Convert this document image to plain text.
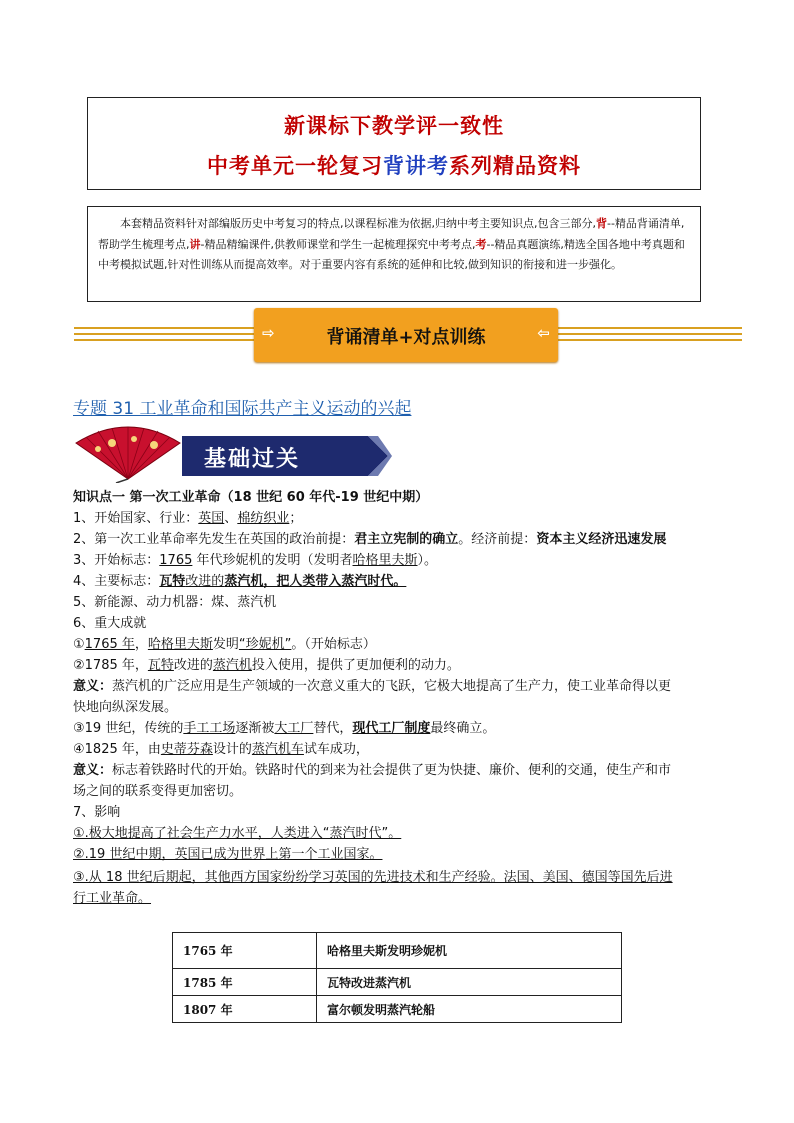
新课标下教学评一致性
中考单元一轮复习背讲考系列精品资料
本套精品资料针对部编版历史中考复习的特点,以课程标准为依据,归纳中考主要知识点,包含三部分,背--精品背诵清单,帮助学生梳理考点,讲-精品精编课件,供教师课堂和学生一起梳理探究中考考点,考--精品真题演练,精选全国各地中考真题和中考模拟试题,针对性训练从而提高效率。对于重要内容有系统的延伸和比较,做到知识的衔接和进一步强化。
⇨	背诵清单+对点训练	⇦
专题 31 工业革命和国际共产主义运动的兴起
基础过关
知识点一 第一次工业革命（18 世纪 60 年代-19 世纪中期）
1、开始国家、行业：英国、棉纺织业；
2、第一次工业革命率先发生在英国的政治前提：君主立宪制的确立。经济前提：资本主义经济迅速发展
3、开始标志：1765 年代珍妮机的发明（发明者哈格里夫斯）。
4、主要标志：瓦特改进的蒸汽机，把人类带入蒸汽时代。
5、新能源、动力机器：煤、蒸汽机
6、重大成就
①1765 年，哈格里夫斯发明“珍妮机”。（开始标志）
②1785 年，瓦特改进的蒸汽机投入使用，提供了更加便利的动力。
意义：蒸汽机的广泛应用是生产领域的一次意义重大的飞跃，它极大地提高了生产力，使工业革命得以更
快地向纵深发展。
③19 世纪，传统的手工工场逐渐被大工厂替代，现代工厂制度最终确立。
④1825 年，由史蒂芬森设计的蒸汽机车试车成功，
意义：标志着铁路时代的开始。铁路时代的到来为社会提供了更为快捷、廉价、便利的交通，使生产和市
场之间的联系变得更加密切。
7、影响
①.极大地提高了社会生产力水平，人类进入“蒸汽时代”。
②.19 世纪中期，英国已成为世界上第一个工业国家。
③.从 18 世纪后期起，其他西方国家纷纷学习英国的先进技术和生产经验。法国、美国、德国等国先后进
行工业革命。
1765 年	哈格里夫斯发明珍妮机
1785 年	瓦特改进蒸汽机
1807 年	富尔顿发明蒸汽轮船
